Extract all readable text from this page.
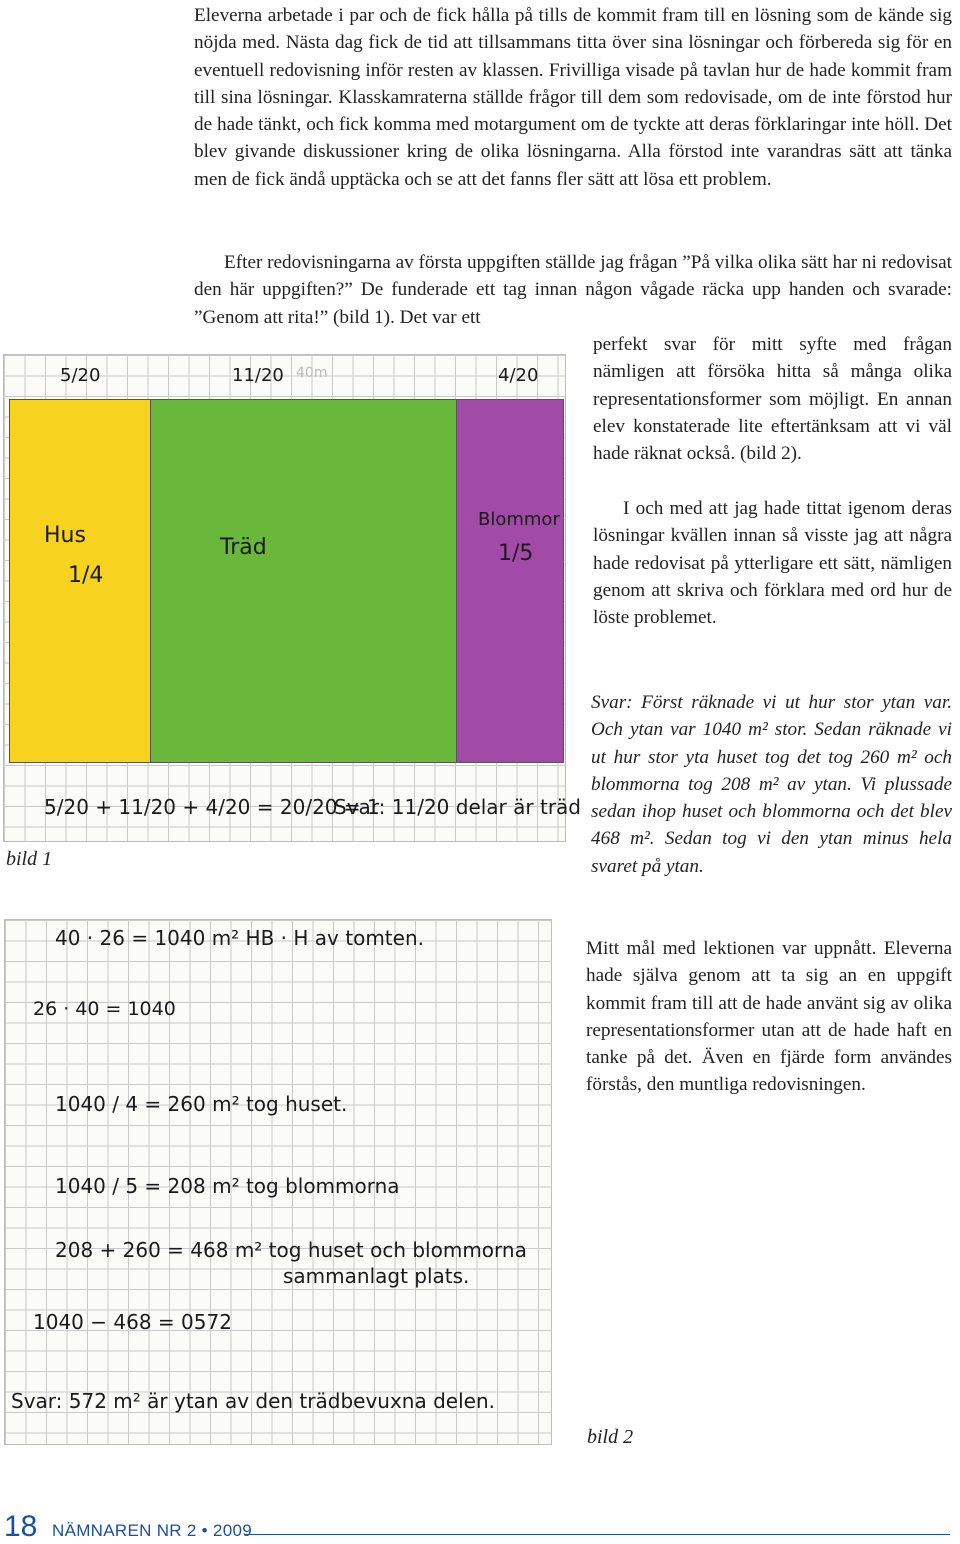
Eleverna arbetade i par och de fick hålla på tills de kommit fram till en lösning som de kände sig nöjda med. Nästa dag fick de tid att tillsammans titta över sina lösningar och förbereda sig för en eventuell redovisning inför resten av klassen. Frivilliga visade på tavlan hur de hade kommit fram till sina lösningar. Klasskamraterna ställde frågor till dem som redovisade, om de inte förstod hur de hade tänkt, och fick komma med motargument om de tyckte att deras förklaringar inte höll. Det blev givande diskussioner kring de olika lösningarna. Alla förstod inte varandras sätt att tänka men de fick ändå upptäcka och se att det fanns fler sätt att lösa ett problem.

Efter redovisningarna av första uppgiften ställde jag frågan ”På vilka olika sätt har ni redovisat den här uppgiften?” De funderade ett tag innan någon vågade räcka upp handen och svarade: ”Genom att rita!” (bild 1). Det var ett

perfekt svar för mitt syfte med frågan nämligen att försöka hitta så många olika representationsformer som möjligt. En annan elev konstaterade lite eftertänksam att vi väl hade räknat också. (bild 2).

I och med att jag hade tittat igenom deras lösningar kvällen innan så visste jag att några hade redovisat på ytterligare ett sätt, nämligen genom att skriva och förklara med ord hur de löste problemet.

Svar: Först räknade vi ut hur stor ytan var. Och ytan var 1040 m² stor. Sedan räknade vi ut hur stor yta huset tog det tog 260 m² och blommorna tog 208 m² av ytan. Vi plussade sedan ihop huset och blommorna och det blev 468 m². Sedan tog vi den ytan minus hela svaret på ytan.

Mitt mål med lektionen var uppnått. Eleverna hade själva genom att ta sig an en uppgift kommit fram till att de hade använt sig av olika representationsformer utan att de hade haft en tanke på det. Även en fjärde form användes förstås, den muntliga redovisningen.

5/20	11/20 40m	4/20
Hus
1/4
Träd
Blommor
1/5
5/20 + 11/20 + 4/20 = 20/20 = 1
Svar: 11/20 delar är träd
bild 1
40 · 26 = 1040 m² HB · H av tomten.
26 · 40 = 1040
1040 / 4 = 260 m² tog huset.
1040 / 5 = 208 m² tog blommorna
208 + 260 = 468 m² tog huset och blommorna
sammanlagt plats.
1040 − 468 = 0572
Svar: 572 m² är ytan av den trädbevuxna delen.
bild 2
18 NÄMNAREN NR 2 • 2009
